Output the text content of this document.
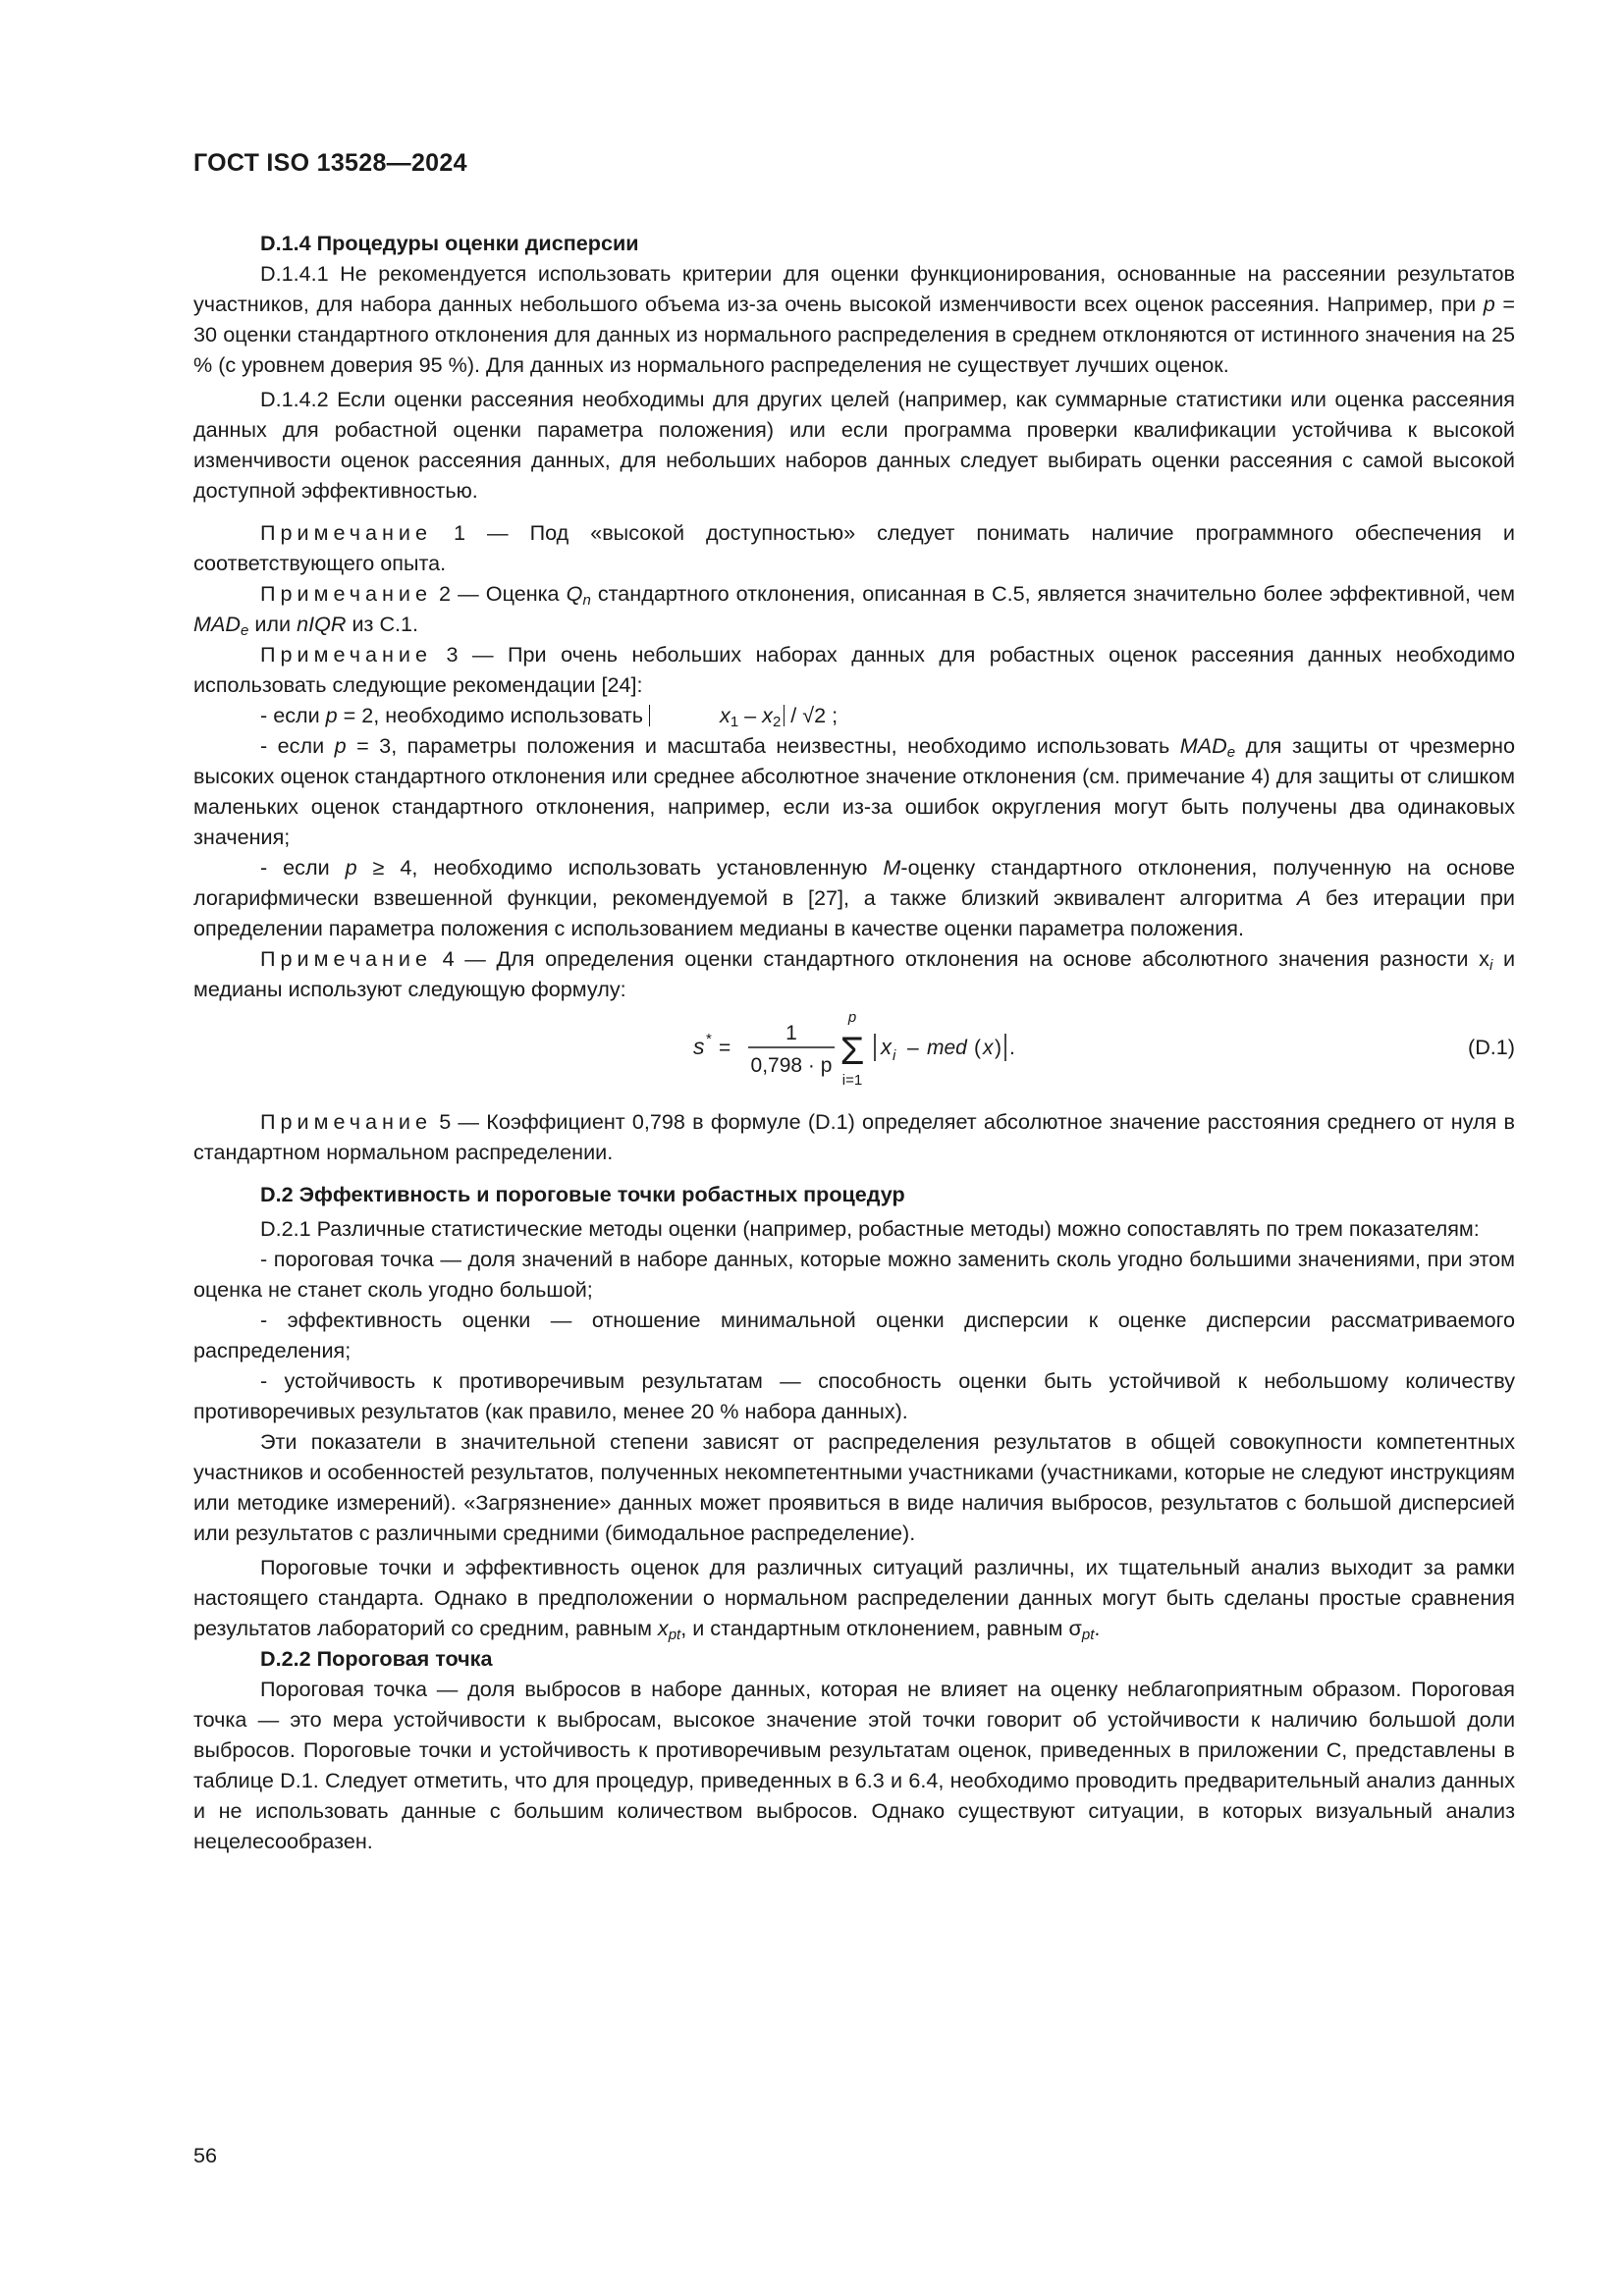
ГОСТ ISO 13528—2024

D.1.4 Процедуры оценки дисперсии

D.1.4.1 Не рекомендуется использовать критерии для оценки функционирования, основанные на рассеянии результатов участников, для набора данных небольшого объема из-за очень высокой изменчивости всех оценок рассеяния. Например, при p = 30 оценки стандартного отклонения для данных из нормального распределения в среднем отклоняются от истинного значения на 25 % (с уровнем доверия 95 %). Для данных из нормального распределения не существует лучших оценок.

D.1.4.2 Если оценки рассеяния необходимы для других целей (например, как суммарные статистики или оценка рассеяния данных для робастной оценки параметра положения) или если программа проверки квалификации устойчива к высокой изменчивости оценок рассеяния данных, для небольших наборов данных следует выбирать оценки рассеяния с самой высокой доступной эффективностью.

Примечание 1 — Под «высокой доступностью» следует понимать наличие программного обеспечения и соответствующего опыта.

Примечание 2 — Оценка $Q_n$ стандартного отклонения, описанная в С.5, является значительно более эффективной, чем $MAD_e$ или nIQR из С.1.

Примечание 3 — При очень небольших наборах данных для робастных оценок рассеяния данных необходимо использовать следующие рекомендации [24]:

- если p = 2, необходимо использовать	$x_1 - x_2 / √2$ ;

- если p = 3, параметры положения и масштаба неизвестны, необходимо использовать $MAD_e$ для защиты от чрезмерно высоких оценок стандартного отклонения или среднее абсолютное значение отклонения (см. примечание 4) для защиты от слишком маленьких оценок стандартного отклонения, например, если из-за ошибок округления могут быть получены два одинаковых значения;

- если p ≥ 4, необходимо использовать установленную M-оценку стандартного отклонения, полученную на основе логарифмически взвешенной функции, рекомендуемой в [27], а также близкий эквивалент алгоритма A без итерации при определении параметра положения с использованием медианы в качестве оценки параметра положения.

Примечание 4 — Для определения оценки стандартного отклонения на основе абсолютного значения разности $x_i$ и медианы используют следующую формулу:

s * =
1
0,798 · p
p
Σ
i=1
x i – med ( x ) .	(D.1)

Примечание 5 — Коэффициент 0,798 в формуле (D.1) определяет абсолютное значение расстояния среднего от нуля в стандартном нормальном распределении.

D.2 Эффективность и пороговые точки робастных процедур

D.2.1 Различные статистические методы оценки (например, робастные методы) можно сопоставлять по трем показателям:

- пороговая точка — доля значений в наборе данных, которые можно заменить сколь угодно большими значениями, при этом оценка не станет сколь угодно большой;

- эффективность оценки — отношение минимальной оценки дисперсии к оценке дисперсии рассматриваемого распределения;

- устойчивость к противоречивым результатам — способность оценки быть устойчивой к небольшому количеству противоречивых результатов (как правило, менее 20 % набора данных).

Эти показатели в значительной степени зависят от распределения результатов в общей совокупности компетентных участников и особенностей результатов, полученных некомпетентными участниками (участниками, которые не следуют инструкциям или методике измерений). «Загрязнение» данных может проявиться в виде наличия выбросов, результатов с большой дисперсией или результатов с различными средними (бимодальное распределение).

Пороговые точки и эффективность оценок для различных ситуаций различны, их тщательный анализ выходит за рамки настоящего стандарта. Однако в предположении о нормальном распределении данных могут быть сделаны простые сравнения результатов лабораторий со средним, равным $x_{pt}$, и стандартным отклонением, равным $\sigma_{pt}$.

D.2.2 Пороговая точка

Пороговая точка — доля выбросов в наборе данных, которая не влияет на оценку неблагоприятным образом. Пороговая точка — это мера устойчивости к выбросам, высокое значение этой точки говорит об устойчивости к наличию большой доли выбросов. Пороговые точки и устойчивость к противоречивым результатам оценок, приведенных в приложении С, представлены в таблице D.1. Следует отметить, что для процедур, приведенных в 6.3 и 6.4, необходимо проводить предварительный анализ данных и не использовать данные с большим количеством выбросов. Однако существуют ситуации, в которых визуальный анализ нецелесообразен.

56
